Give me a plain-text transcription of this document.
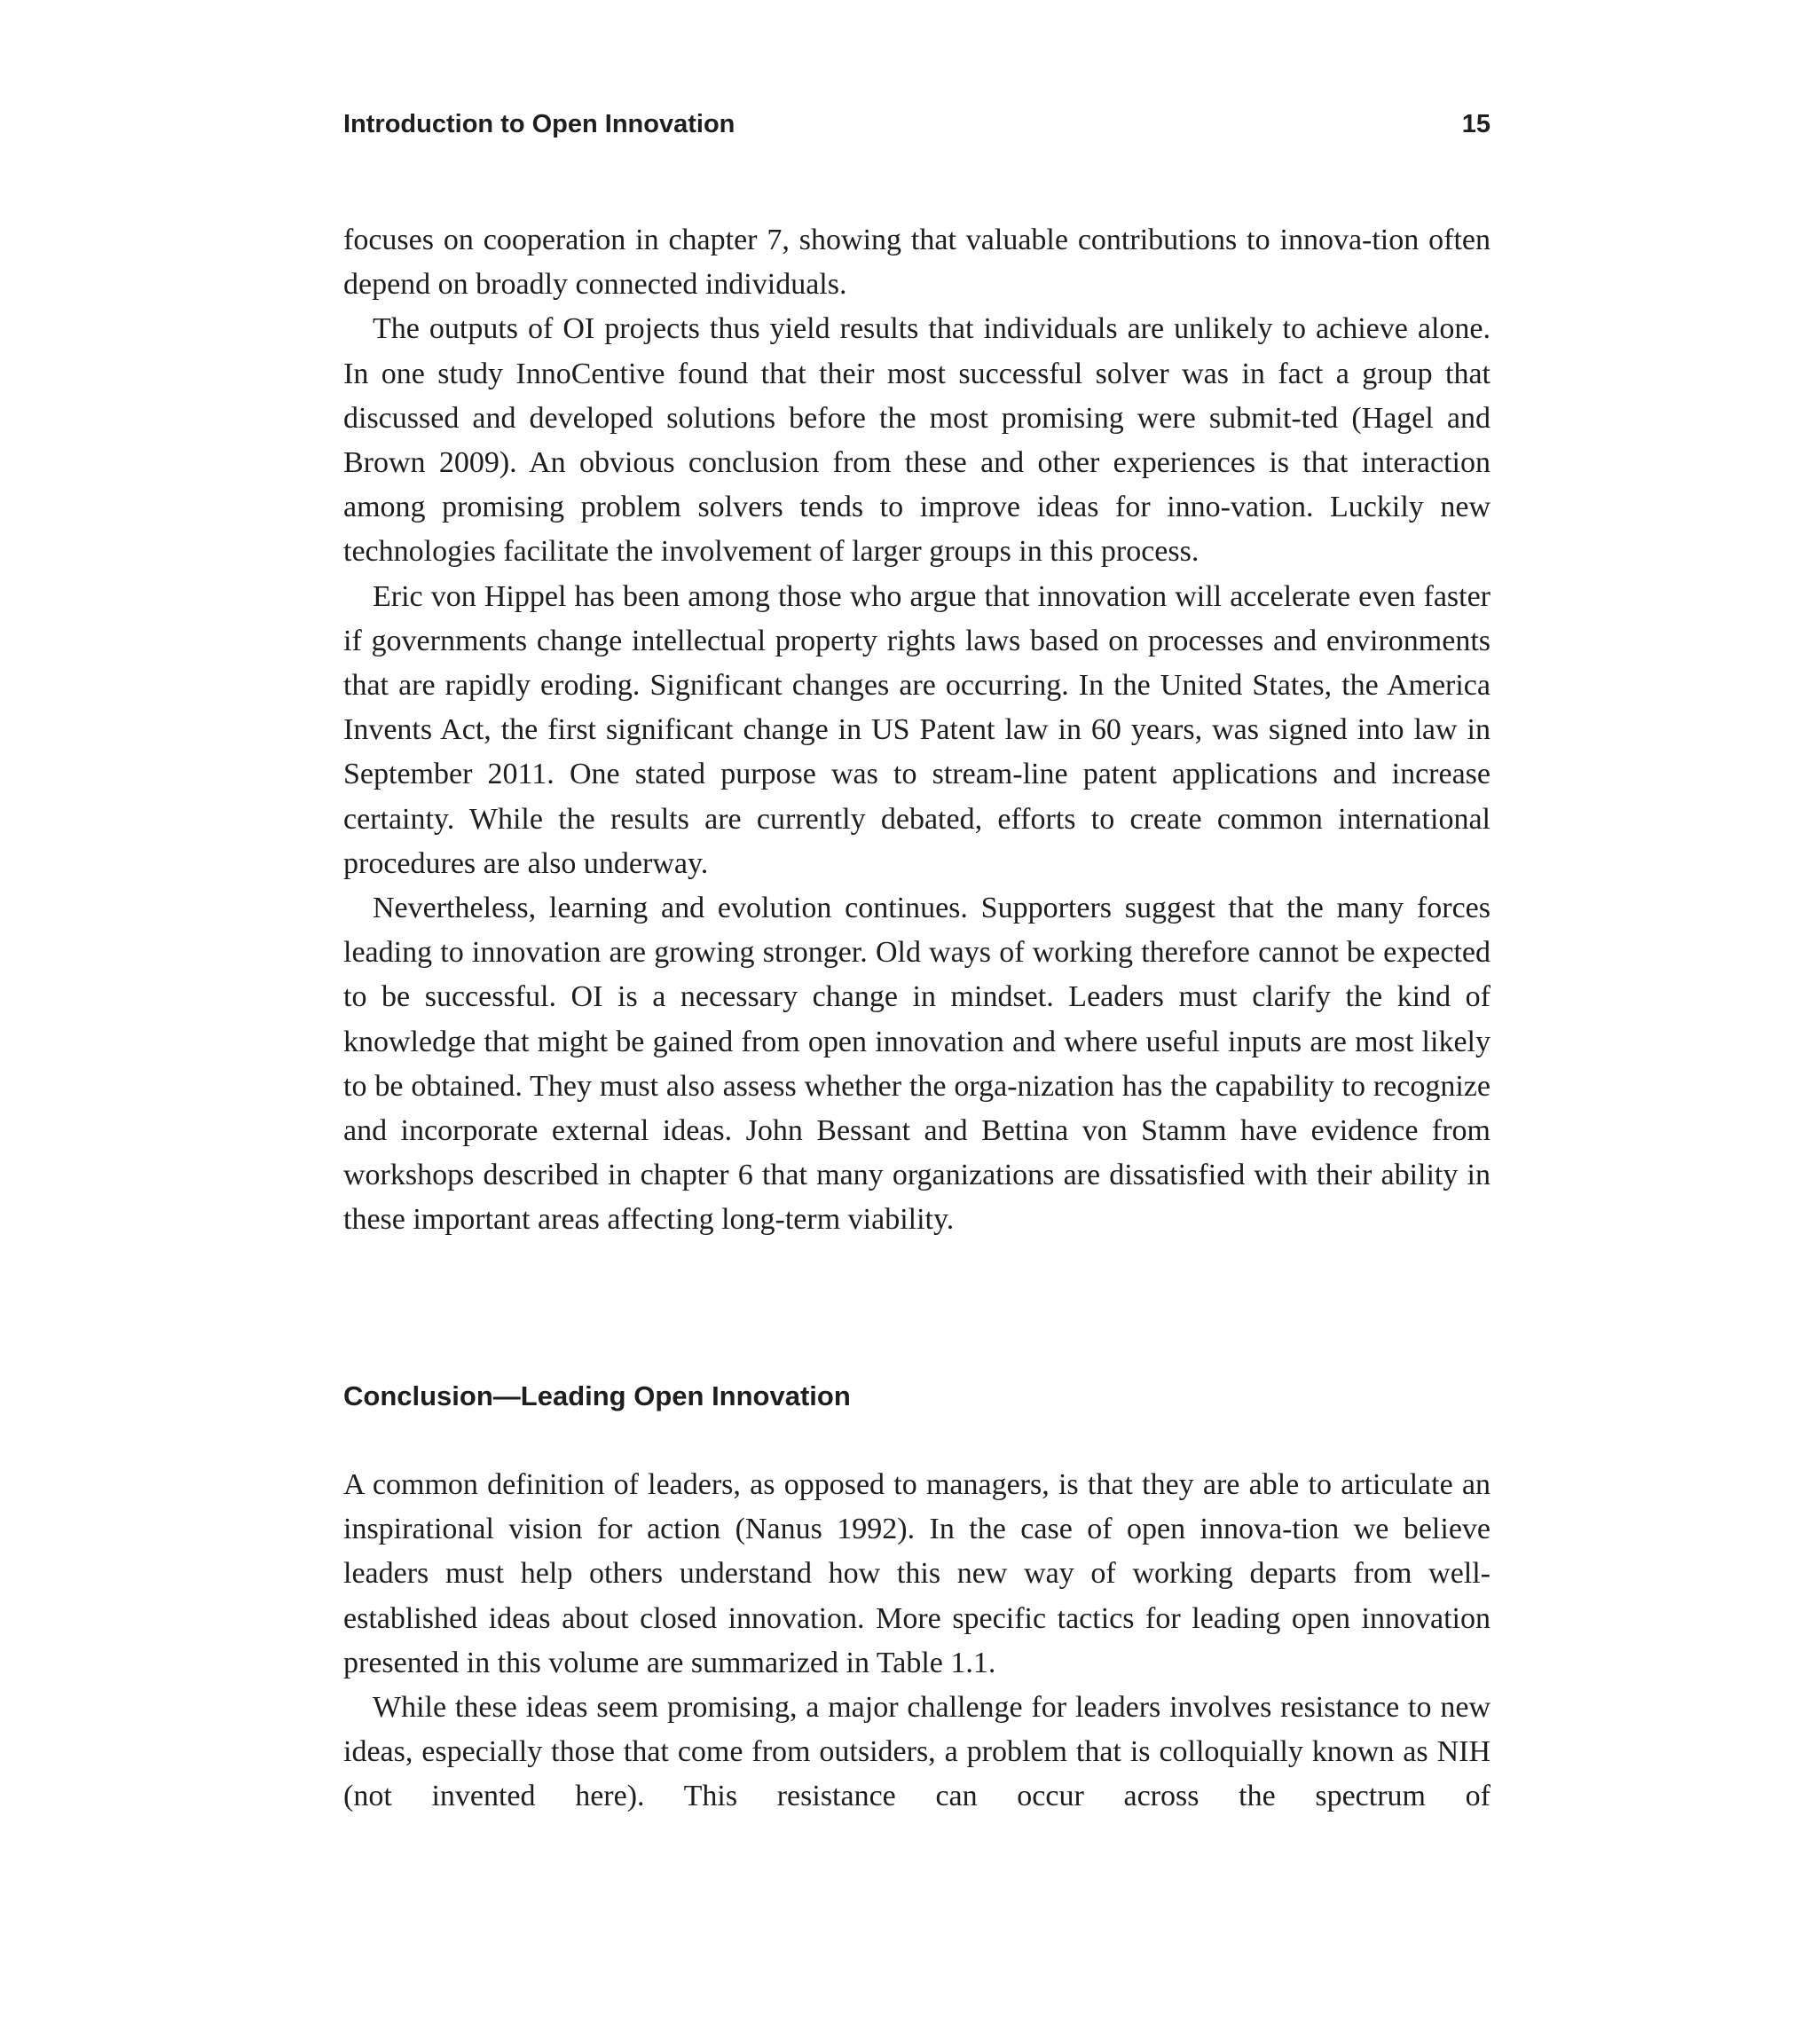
Introduction to Open Innovation	15

focuses on cooperation in chapter 7, showing that valuable contributions to innova-tion often depend on broadly connected individuals.

The outputs of OI projects thus yield results that individuals are unlikely to achieve alone. In one study InnoCentive found that their most successful solver was in fact a group that discussed and developed solutions before the most promising were submit-ted (Hagel and Brown 2009). An obvious conclusion from these and other experiences is that interaction among promising problem solvers tends to improve ideas for inno-vation. Luckily new technologies facilitate the involvement of larger groups in this process.

Eric von Hippel has been among those who argue that innovation will accelerate even faster if governments change intellectual property rights laws based on processes and environments that are rapidly eroding. Significant changes are occurring. In the United States, the America Invents Act, the first significant change in US Patent law in 60 years, was signed into law in September 2011. One stated purpose was to stream-line patent applications and increase certainty. While the results are currently debated, efforts to create common international procedures are also underway.

Nevertheless, learning and evolution continues. Supporters suggest that the many forces leading to innovation are growing stronger. Old ways of working therefore cannot be expected to be successful. OI is a necessary change in mindset. Leaders must clarify the kind of knowledge that might be gained from open innovation and where useful inputs are most likely to be obtained. They must also assess whether the orga-nization has the capability to recognize and incorporate external ideas. John Bessant and Bettina von Stamm have evidence from workshops described in chapter 6 that many organizations are dissatisfied with their ability in these important areas affecting long-term viability.

Conclusion—Leading Open Innovation

A common definition of leaders, as opposed to managers, is that they are able to articulate an inspirational vision for action (Nanus 1992). In the case of open innova-tion we believe leaders must help others understand how this new way of working departs from well-established ideas about closed innovation. More specific tactics for leading open innovation presented in this volume are summarized in Table 1.1.

While these ideas seem promising, a major challenge for leaders involves resistance to new ideas, especially those that come from outsiders, a problem that is colloquially known as NIH (not invented here). This resistance can occur across the spectrum of
